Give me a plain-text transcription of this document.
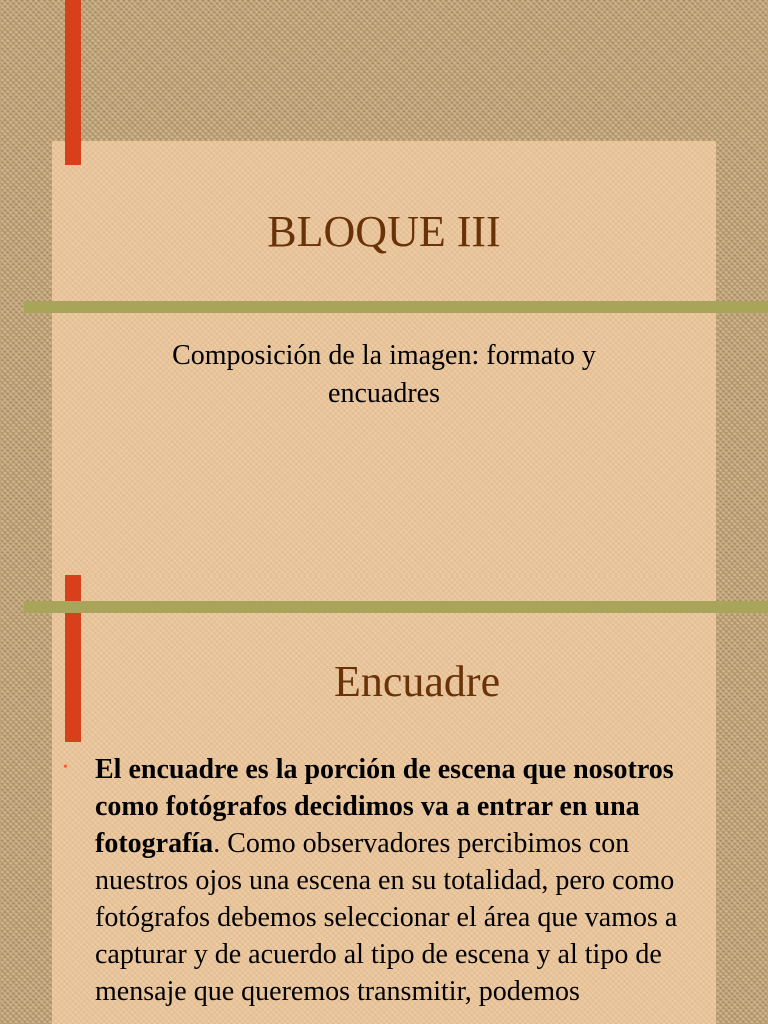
BLOQUE III
Composición de la imagen: formato y
encuadres
Encuadre
• El encuadre es la porción de escena que nosotros como fotógrafos decidimos va a entrar en una fotografía. Como observadores percibimos con nuestros ojos una escena en su totalidad, pero como fotógrafos debemos seleccionar el área que vamos a capturar y de acuerdo al tipo de escena y al tipo de mensaje que queremos transmitir, podemos
